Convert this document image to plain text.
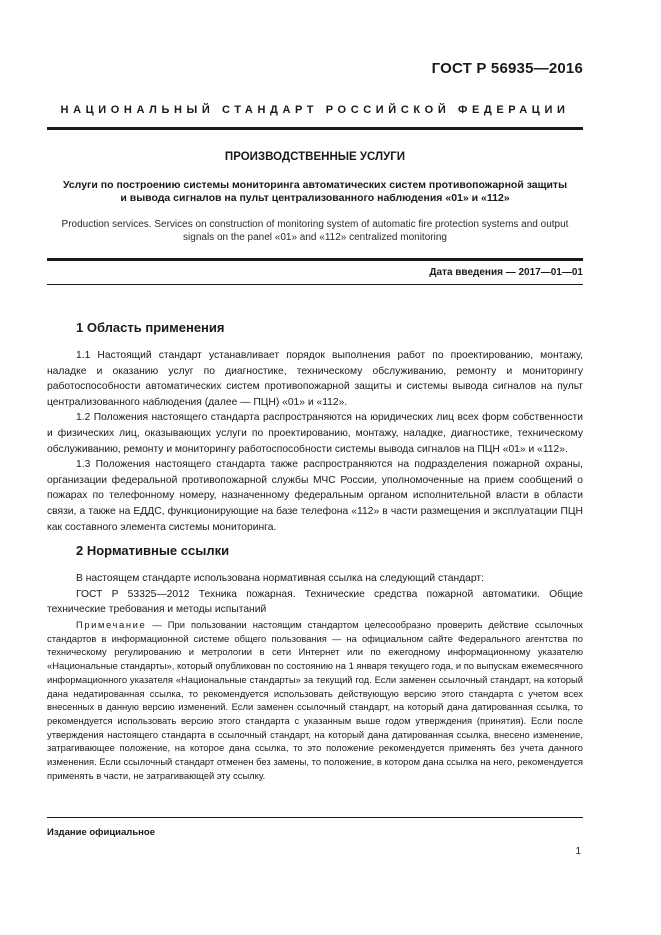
ГОСТ Р 56935—2016
НАЦИОНАЛЬНЫЙ СТАНДАРТ РОССИЙСКОЙ ФЕДЕРАЦИИ
ПРОИЗВОДСТВЕННЫЕ УСЛУГИ
Услуги по построению системы мониторинга автоматических систем противопожарной защиты
и вывода сигналов на пульт централизованного наблюдения «01» и «112»
Production services. Services on construction of monitoring system of automatic fire protection systems and output
signals on the panel «01» and «112» centralized monitoring
Дата введения — 2017—01—01
1 Область применения

1.1 Настоящий стандарт устанавливает порядок выполнения работ по проектированию, монтажу, наладке и оказанию услуг по диагностике, техническому обслуживанию, ремонту и мониторингу работоспособности автоматических систем противопожарной защиты и системы вывода сигналов на пульт централизованного наблюдения (далее — ПЦН) «01» и «112».

1.2 Положения настоящего стандарта распространяются на юридических лиц всех форм собственности и физических лиц, оказывающих услуги по проектированию, монтажу, наладке, диагностике, техническому обслуживанию, ремонту и мониторингу работоспособности системы вывода сигналов на ПЦН «01» и «112».

1.3 Положения настоящего стандарта также распространяются на подразделения пожарной охраны, организации федеральной противопожарной службы МЧС России, уполномоченные на прием сообщений о пожарах по телефонному номеру, назначенному федеральным органом исполнительной власти в области связи, а также на ЕДДС, функционирующие на базе телефона «112» в части размещения и эксплуатации ПЦН как составного элемента системы мониторинга.

2 Нормативные ссылки

В настоящем стандарте использована нормативная ссылка на следующий стандарт:

ГОСТ Р 53325—2012 Техника пожарная. Технические средства пожарной автоматики. Общие технические требования и методы испытаний

Примечание — При пользовании настоящим стандартом целесообразно проверить действие ссылочных стандартов в информационной системе общего пользования — на официальном сайте Федерального агентства по техническому регулированию и метрологии в сети Интернет или по ежегодному информационному указателю «Национальные стандарты», который опубликован по состоянию на 1 января текущего года, и по выпускам ежемесячного информационного указателя «Национальные стандарты» за текущий год. Если заменен ссылочный стандарт, на который дана недатированная ссылка, то рекомендуется использовать действующую версию этого стандарта с учетом всех внесенных в данную версию изменений. Если заменен ссылочный стандарт, на который дана датированная ссылка, то рекомендуется использовать версию этого стандарта с указанным выше годом утверждения (принятия). Если после утверждения настоящего стандарта в ссылочный стандарт, на который дана датированная ссылка, внесено изменение, затрагивающее положение, на которое дана ссылка, то это положение рекомендуется применять без учета данного изменения. Если ссылочный стандарт отменен без замены, то положение, в котором дана ссылка на него, рекомендуется применять в части, не затрагивающей эту ссылку.

Издание официальное
1
